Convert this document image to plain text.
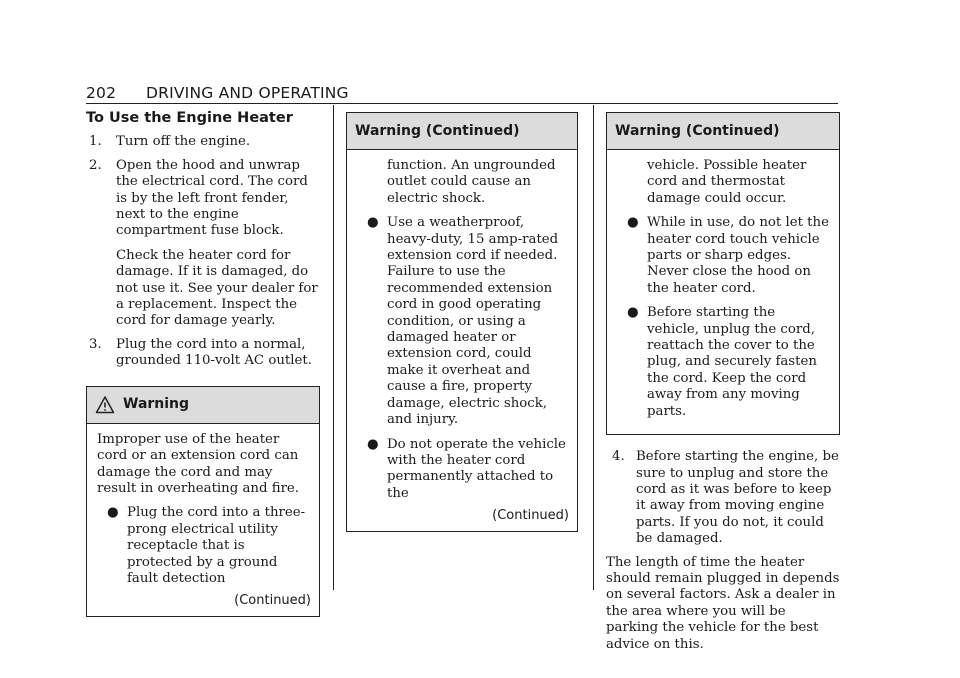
202 DRIVING AND OPERATING
To Use the Engine Heater
1.	Turn off the engine.
2.	Open the hood and unwrap the electrical cord. The cord is by the left front fender, next to the engine compartment fuse block.
Check the heater cord for damage. If it is damaged, do not use it. See your dealer for a replacement. Inspect the cord for damage yearly.
3.	Plug the cord into a normal, grounded 110-volt AC outlet.
Warning

Improper use of the heater cord or an extension cord can damage the cord and may result in overheating and fire.

● Plug the cord into a three-prong electrical utility receptacle that is protected by a ground fault detection
(Continued)
Warning (Continued)
function. An ungrounded outlet could cause an electric shock.
● Use a weatherproof, heavy-duty, 15 amp-rated extension cord if needed. Failure to use the recommended extension cord in good operating condition, or using a damaged heater or extension cord, could make it overheat and cause a fire, property damage, electric shock, and injury.
● Do not operate the vehicle with the heater cord permanently attached to the
(Continued)
Warning (Continued)
vehicle. Possible heater cord and thermostat damage could occur.
● While in use, do not let the heater cord touch vehicle parts or sharp edges. Never close the hood on the heater cord.
● Before starting the vehicle, unplug the cord, reattach the cover to the plug, and securely fasten the cord. Keep the cord away from any moving parts.
4. Before starting the engine, be sure to unplug and store the cord as it was before to keep it away from moving engine parts. If you do not, it could be damaged.
The length of time the heater should remain plugged in depends on several factors. Ask a dealer in the area where you will be parking the vehicle for the best advice on this.
